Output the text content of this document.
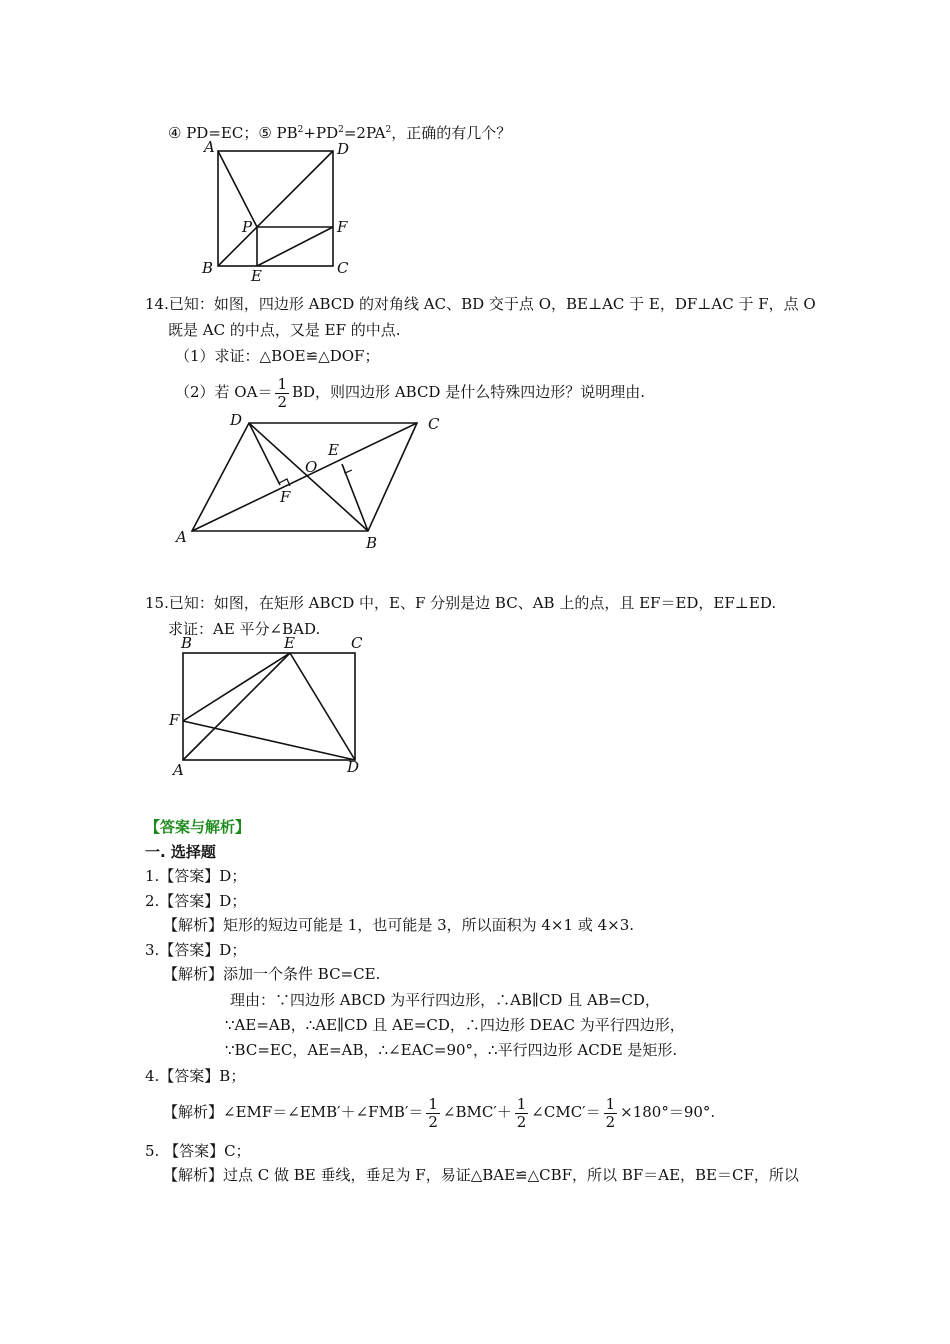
④ PD=EC；⑤ $PB^2+PD^2=2PA^2$，正确的有几个？
A	D
P	F
B	E	C
14.已知：如图，四边形 ABCD 的对角线 AC、BD 交于点 O，BE⊥AC 于 E，DF⊥AC 于 F，点 O
既是 AC 的中点，又是 EF 的中点.
（1）求证：△BOE≌△DOF；
（2）若 $OA= \frac{1}{2}$ BD，则四边形 ABCD 是什么特殊四边形？说明理由.
D	C
E
O
F
A	B
15.已知：如图，在矩形 ABCD 中，E、F 分别是边 BC、AB 上的点，且 EF＝ED，EF⊥ED.
求证：AE 平分∠BAD.
B	E	C
F
A	D
【答案与解析】
一. 选择题
1.【答案】D；
2.【答案】D；
【解析】矩形的短边可能是 1，也可能是 3，所以面积为 4×1 或 4×3.
3.【答案】D；
【解析】添加一个条件 BC=CE.
理由：∵四边形 ABCD 为平行四边形，∴AB∥CD 且 AB=CD，
∵AE=AB，∴AE∥CD 且 AE=CD，∴四边形 DEAC 为平行四边形，
∵BC=EC，AE=AB，∴∠EAC=90°，∴平行四边形 ACDE 是矩形.
4.【答案】B；
【解析】∠EMF＝∠EMB′＋∠FMB′＝ $\frac{1}{2}$ ∠BMC′＋ $\frac{1}{2}$ ∠CMC′＝ $\frac{1}{2} \times 180^\circ=90^\circ$.
5. 【答案】C；
【解析】过点 C 做 BE 垂线，垂足为 F，易证△BAE≌△CBF，所以 BF＝AE，BE＝CF，所以
